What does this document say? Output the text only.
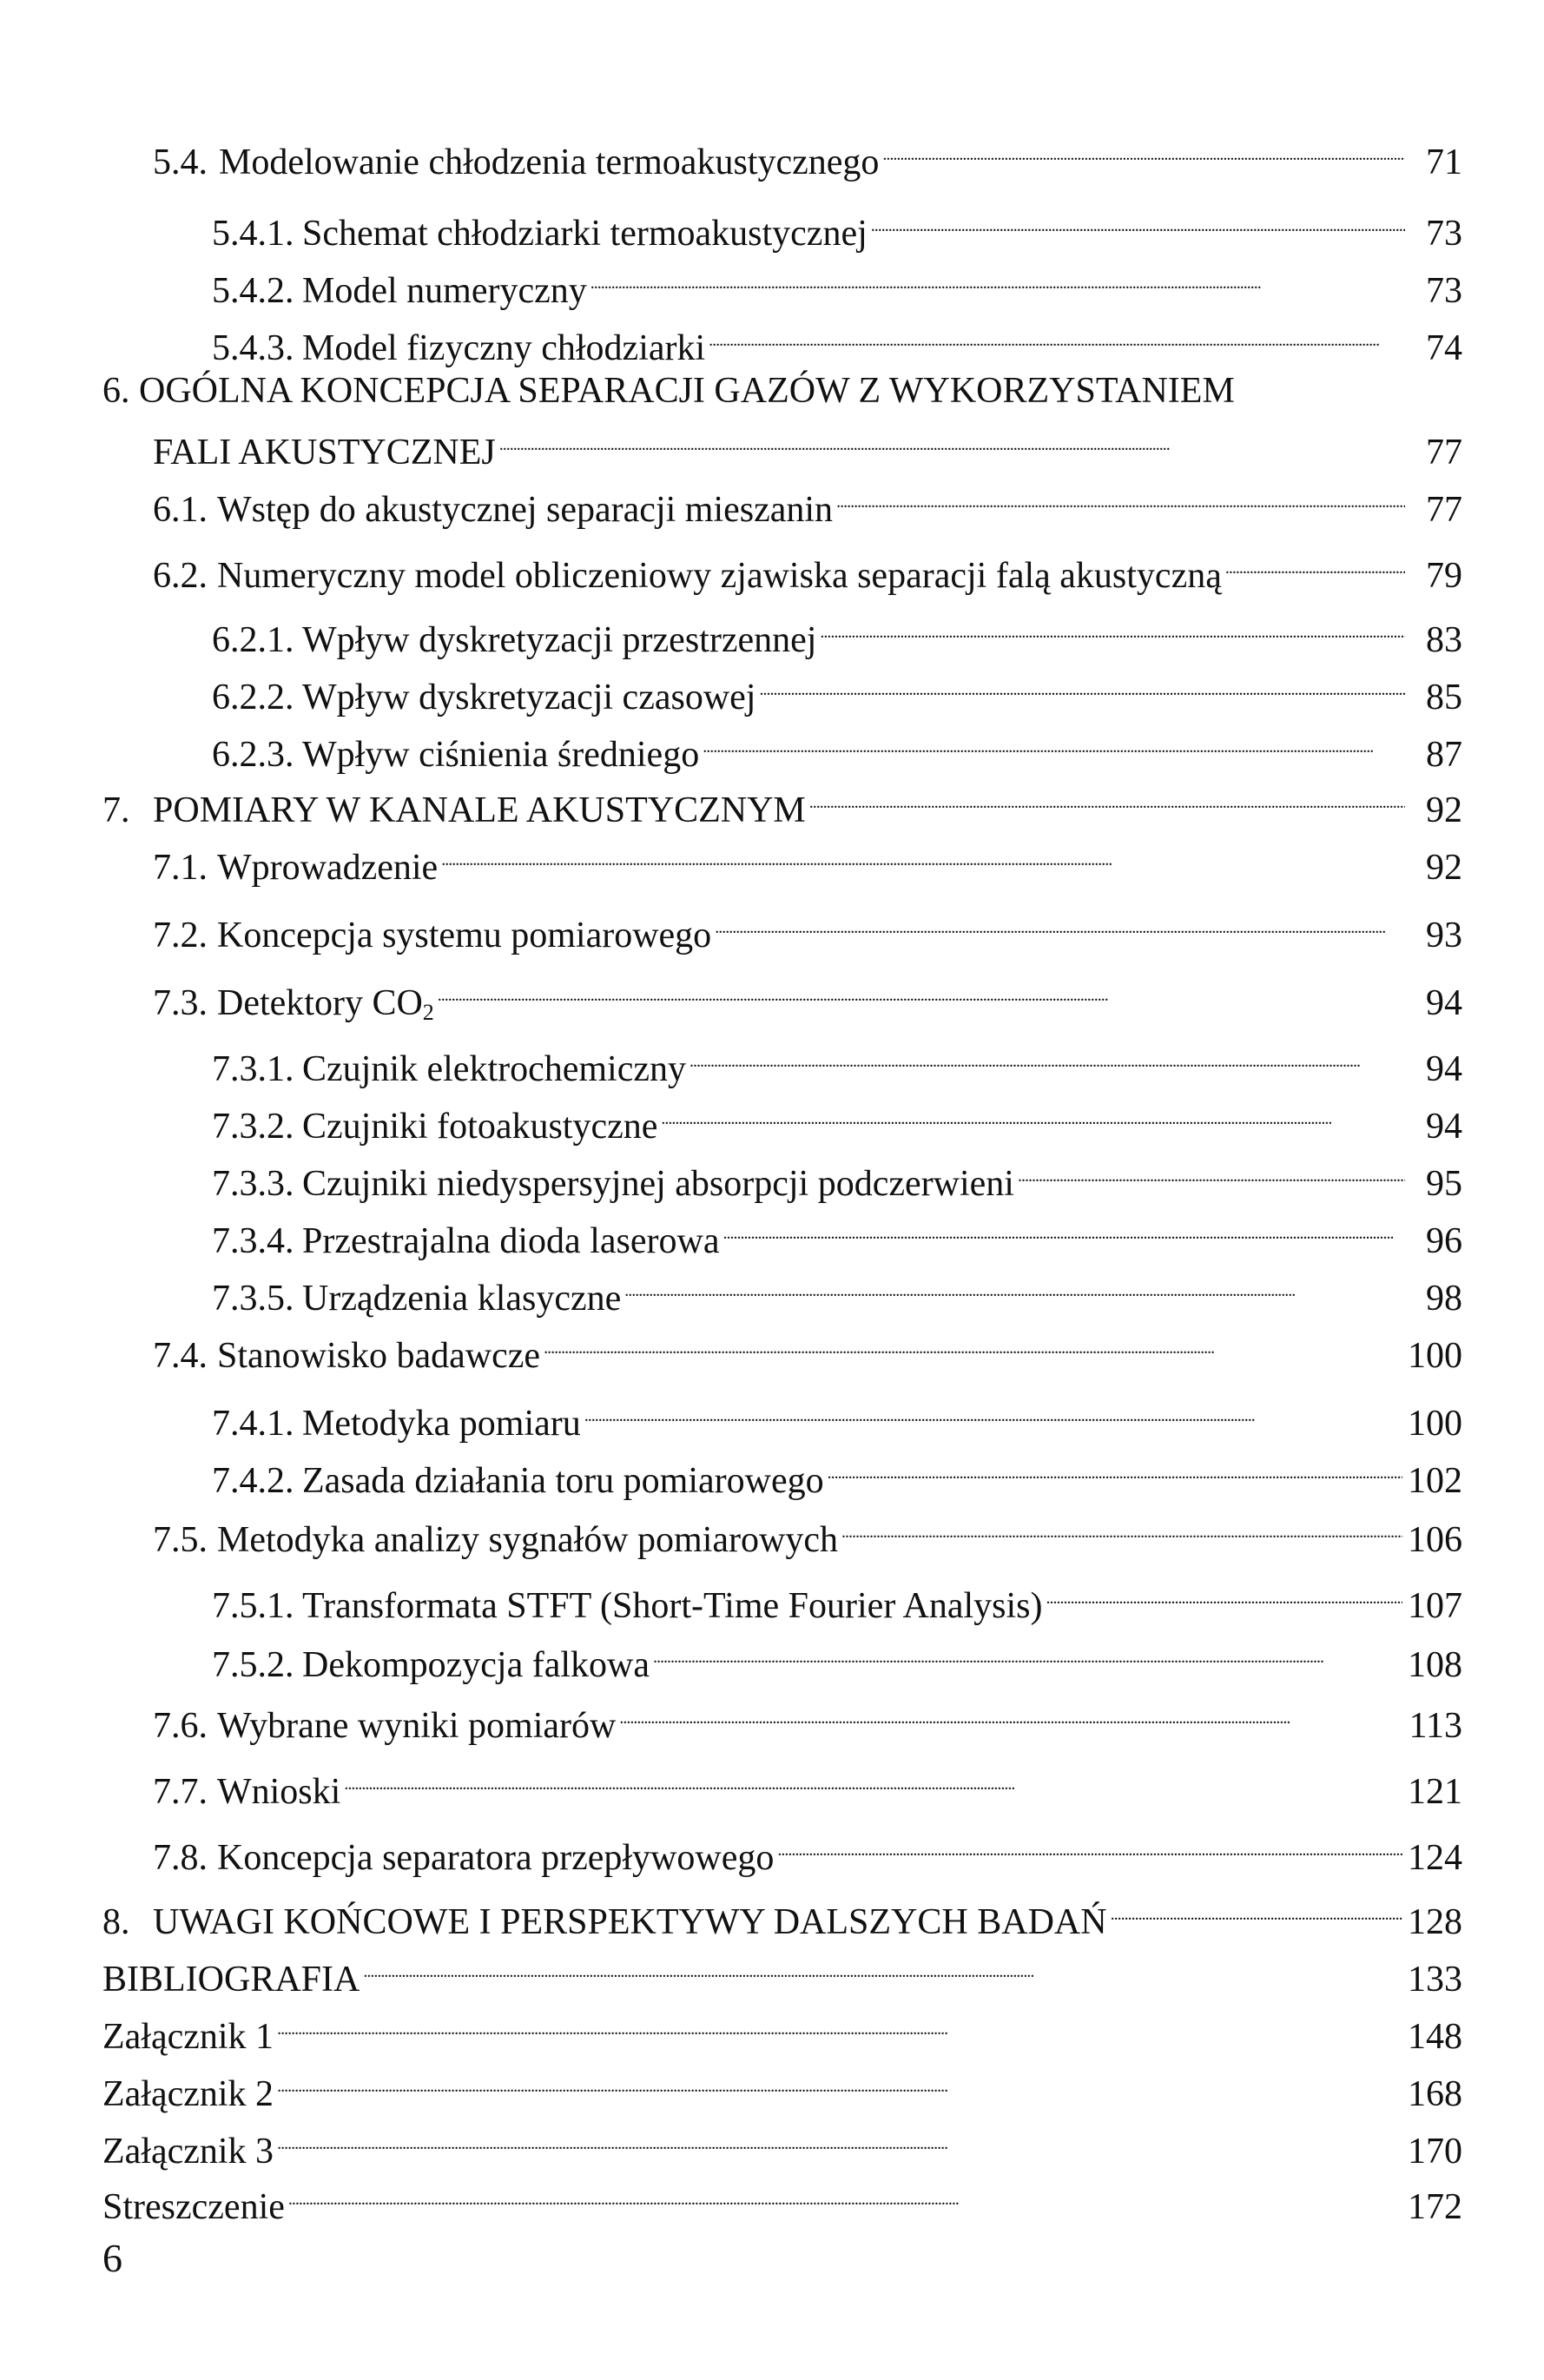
5.4. Modelowanie chłodzenia termoakustycznego . . .	71
5.4.1. Schemat chłodziarki termoakustycznej . . .	73
5.4.2. Model numeryczny . . .	73
5.4.3. Model fizyczny chłodziarki . . .	74
6. OGÓLNA KONCEPCJA SEPARACJI GAZÓW Z WYKORZYSTANIEM
FALI AKUSTYCZNEJ . . .	77
6.1. Wstęp do akustycznej separacji mieszanin . . .	77
6.2. Numeryczny model obliczeniowy zjawiska separacji falą akustyczną . . .	79
6.2.1. Wpływ dyskretyzacji przestrzennej . . .	83
6.2.2. Wpływ dyskretyzacji czasowej . . .	85
6.2.3. Wpływ ciśnienia średniego . . .	87
7. POMIARY W KANALE AKUSTYCZNYM . . .	92
7.1. Wprowadzenie . . .	92
7.2. Koncepcja systemu pomiarowego . . .	93
7.3. Detektory $CO_2$ . . .	94
7.3.1. Czujnik elektrochemiczny . . .	94
7.3.2. Czujniki fotoakustyczne . . .	94
7.3.3. Czujniki niedyspersyjnej absorpcji podczerwieni . . .	95
7.3.4. Przestrajalna dioda laserowa . . .	96
7.3.5. Urządzenia klasyczne . . .	98
7.4. Stanowisko badawcze . . .	100
7.4.1. Metodyka pomiaru . . .	100
7.4.2. Zasada działania toru pomiarowego . . .	102
7.5. Metodyka analizy sygnałów pomiarowych . . .	106
7.5.1. Transformata STFT (Short-Time Fourier Analysis) . . .	107
7.5.2. Dekompozycja falkowa . . .	108
7.6. Wybrane wyniki pomiarów . . .	113
7.7. Wnioski . . .	121
7.8. Koncepcja separatora przepływowego . . .	124
8. UWAGI KOŃCOWE I PERSPEKTYWY DALSZYCH BADAŃ . . .	128
BIBLIOGRAFIA . . .	133
Załącznik 1 . . .	148
Załącznik 2 . . .	168
Załącznik 3 . . .	170
Streszczenie . . .	172
6
